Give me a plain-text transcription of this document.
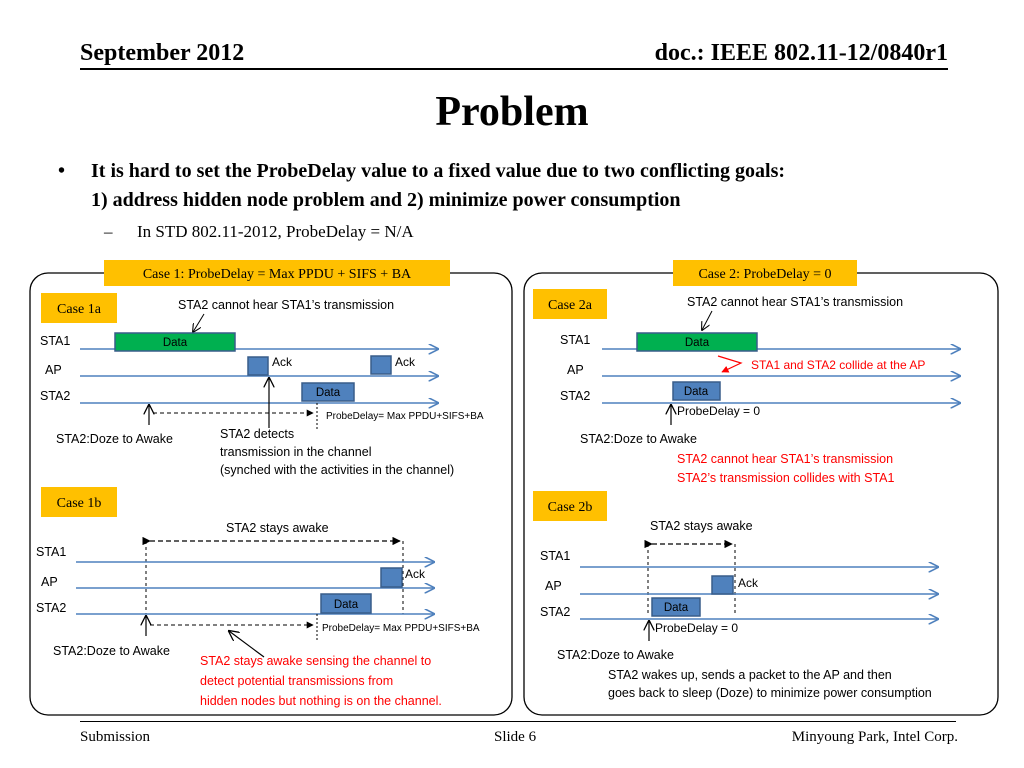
September 2012	doc.: IEEE 802.11-12/0840r1
Problem
• It is hard to set the ProbeDelay value to a fixed value due to two conflicting goals:
1) address hidden node problem and 2) minimize power consumption
– In STD 802.11-2012, ProbeDelay = N/A
Case 1: ProbeDelay = Max PPDU + SIFS + BA
Case 1a	STA2 cannot hear STA1’s transmission
STA1
AP
STA2
Data
Ack	Ack
Data
ProbeDelay= Max PPDU+SIFS+BA
STA2:Doze to Awake	STA2 detects
transmission in the channel
(synched with the activities in the channel)
Case 1b
STA2 stays awake
STA1
AP
STA2
Ack
Data
ProbeDelay= Max PPDU+SIFS+BA
STA2:Doze to Awake
STA2 stays awake sensing the channel to
detect potential transmissions from
hidden nodes but nothing is on the channel.
Case 2: ProbeDelay = 0
Case 2a	STA2 cannot hear STA1’s transmission
STA1
AP
STA2
Data
Data
STA1 and STA2 collide at the AP
ProbeDelay = 0
STA2:Doze to Awake
STA2 cannot hear STA1’s transmission
STA2’s transmission collides with STA1
Case 2b
STA2 stays awake
STA1
AP
STA2
Ack
Data
ProbeDelay = 0
STA2:Doze to Awake
STA2 wakes up, sends a packet to the AP and then
goes back to sleep (Doze) to minimize power consumption
Submission	Slide 6	Minyoung Park, Intel Corp.
